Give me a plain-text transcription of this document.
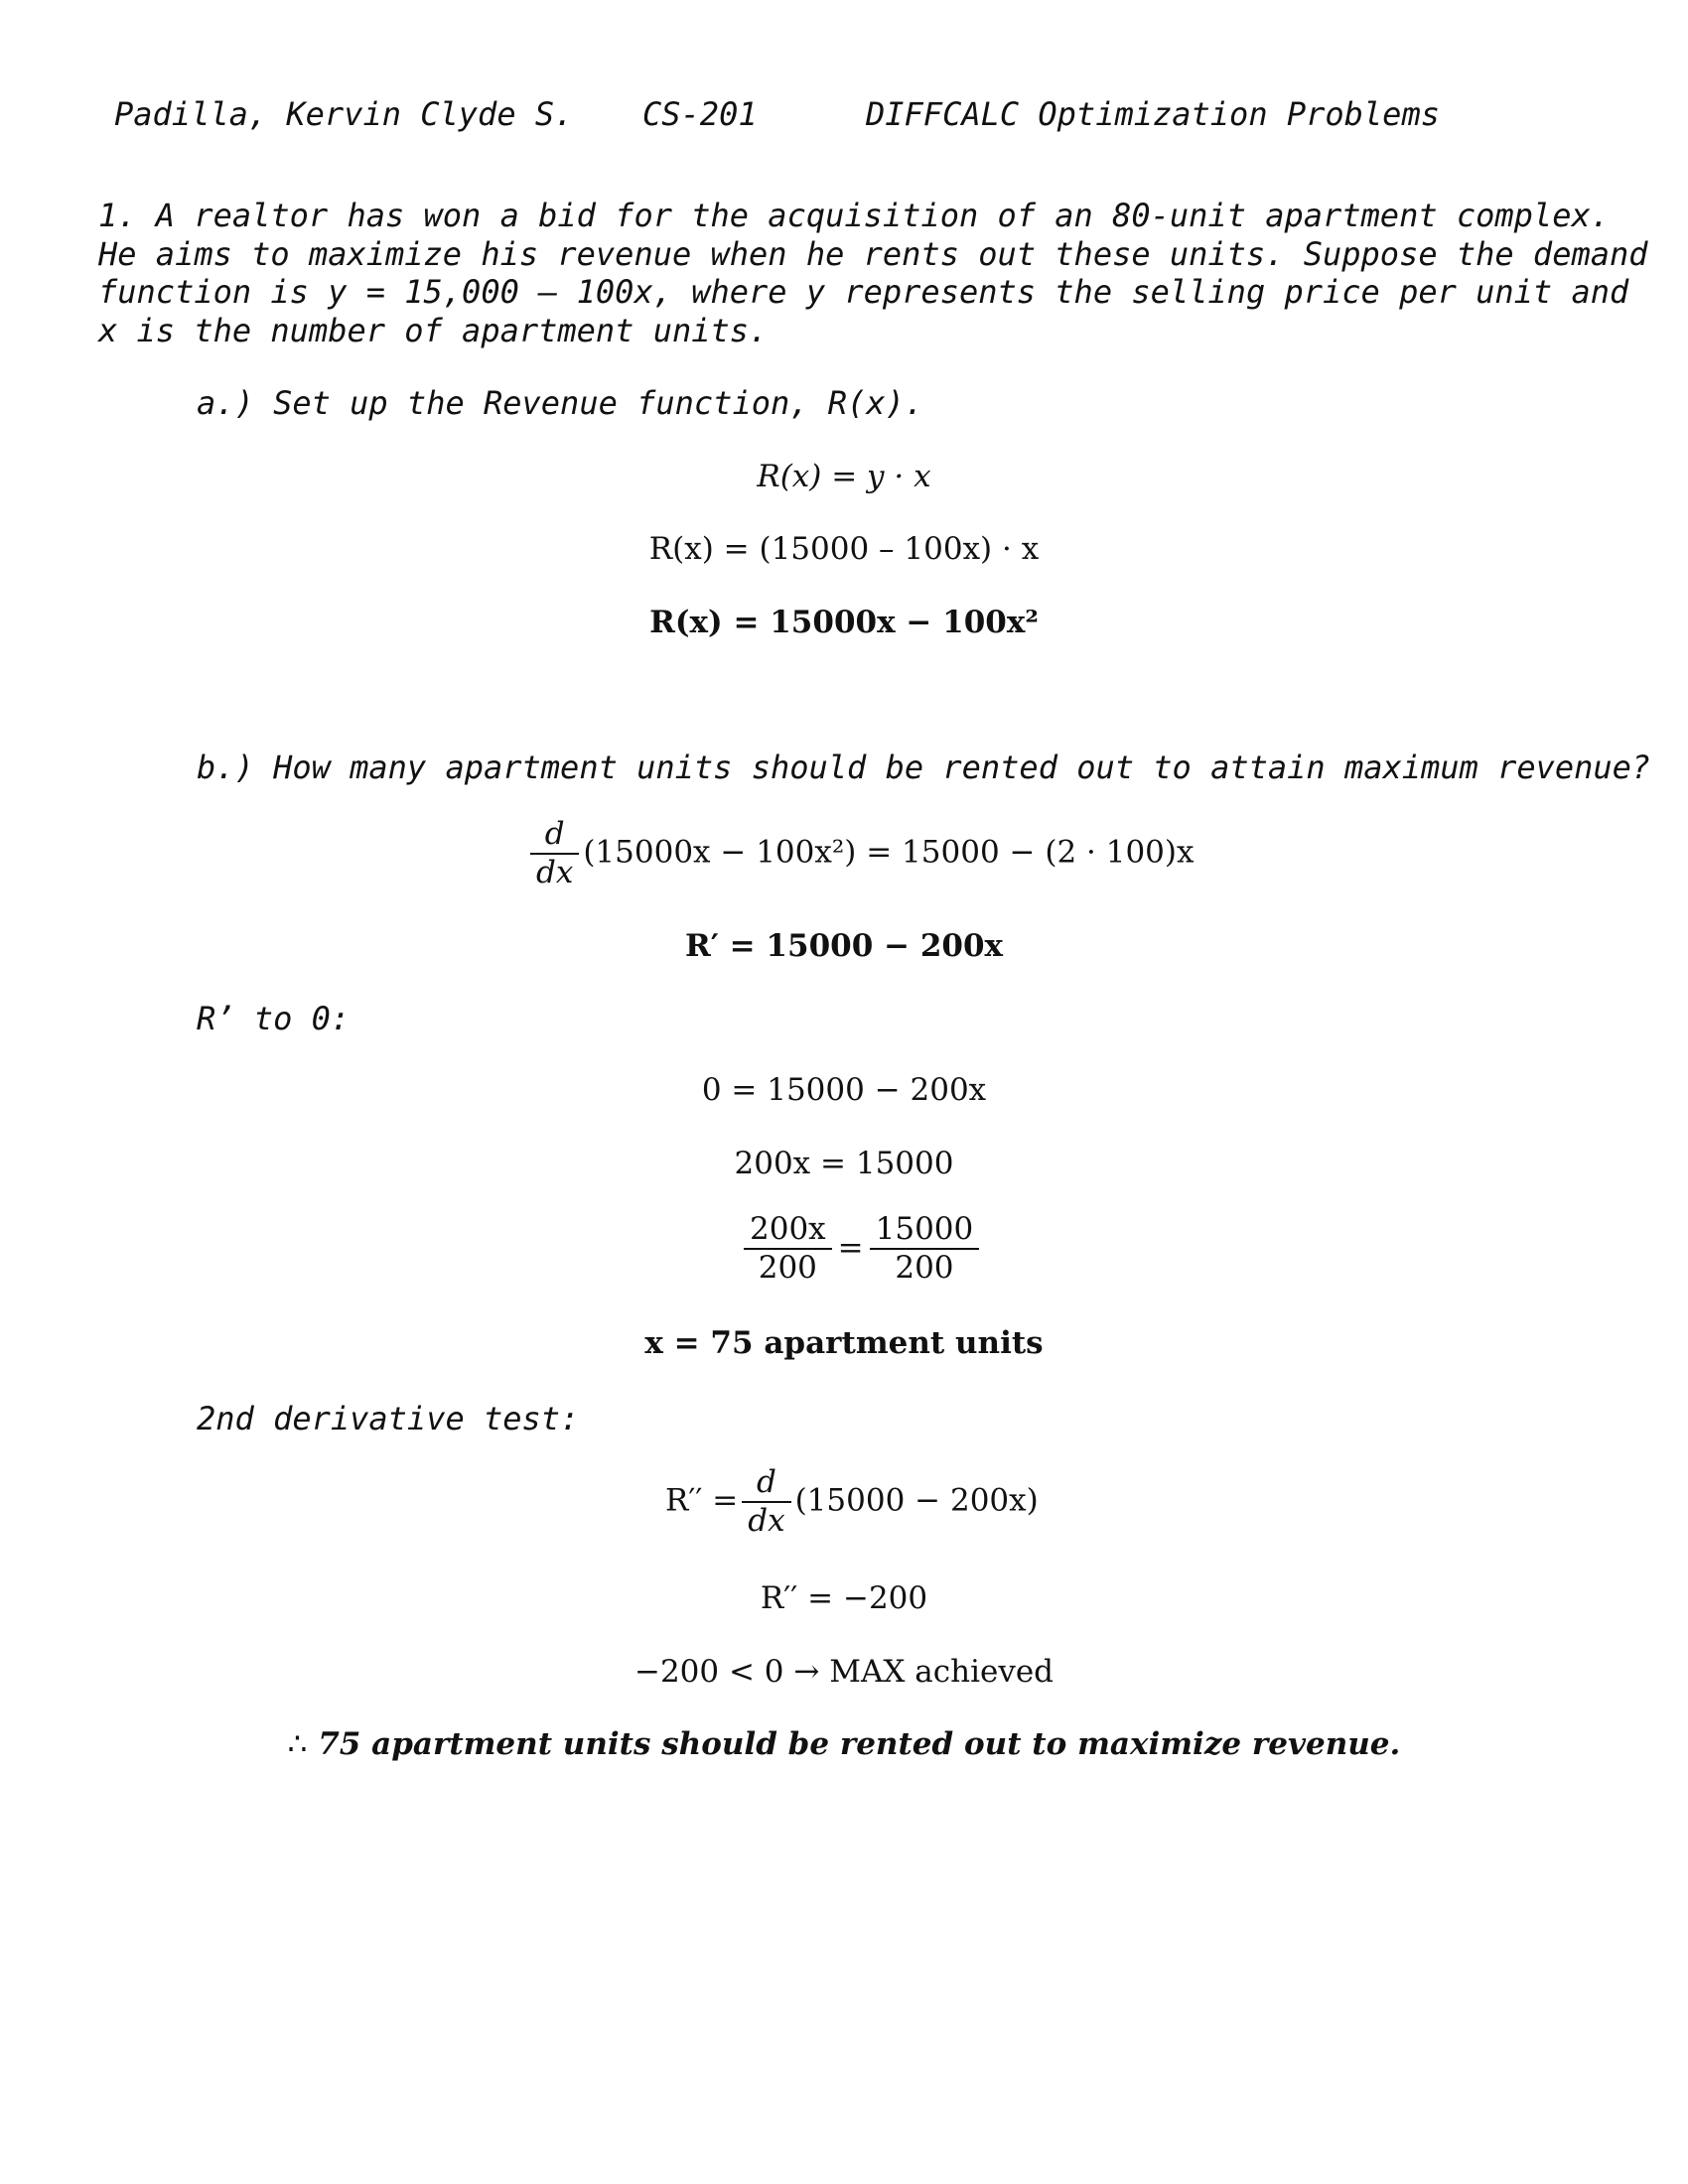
Padilla, Kervin Clyde S.

CS-201

	DIFFCALC Optimization Problems

1. A realtor has won a bid for the acquisition of an 80-unit apartment complex.
He aims to maximize his revenue when he rents out these units. Suppose the demand
function is y = 15,000 – 100x, where y represents the selling price per unit and
x is the number of apartment units.
a.) Set up the Revenue function, R(x).
R(x) = y · x
R(x) = (15000 – 100x) · x
R(x) = 15000x − 100x²
b.) How many apartment units should be rented out to attain maximum revenue?
$\frac{d}{dx} (15000x - 100x^2) = 15000 - (2 \cdot 100)x$
R′ = 15000 − 200x
R’ to 0:
0 = 15000 − 200x
200x = 15000
$\frac{200x}{200} = \frac{15000}{200}$
x = 75 apartment units
2nd derivative test:
$R'' = \frac{d}{dx} (15000 - 200x)$
R′′ = −200
−200 < 0 → MAX achieved
∴ 75 apartment units should be rented out to maximize revenue.
